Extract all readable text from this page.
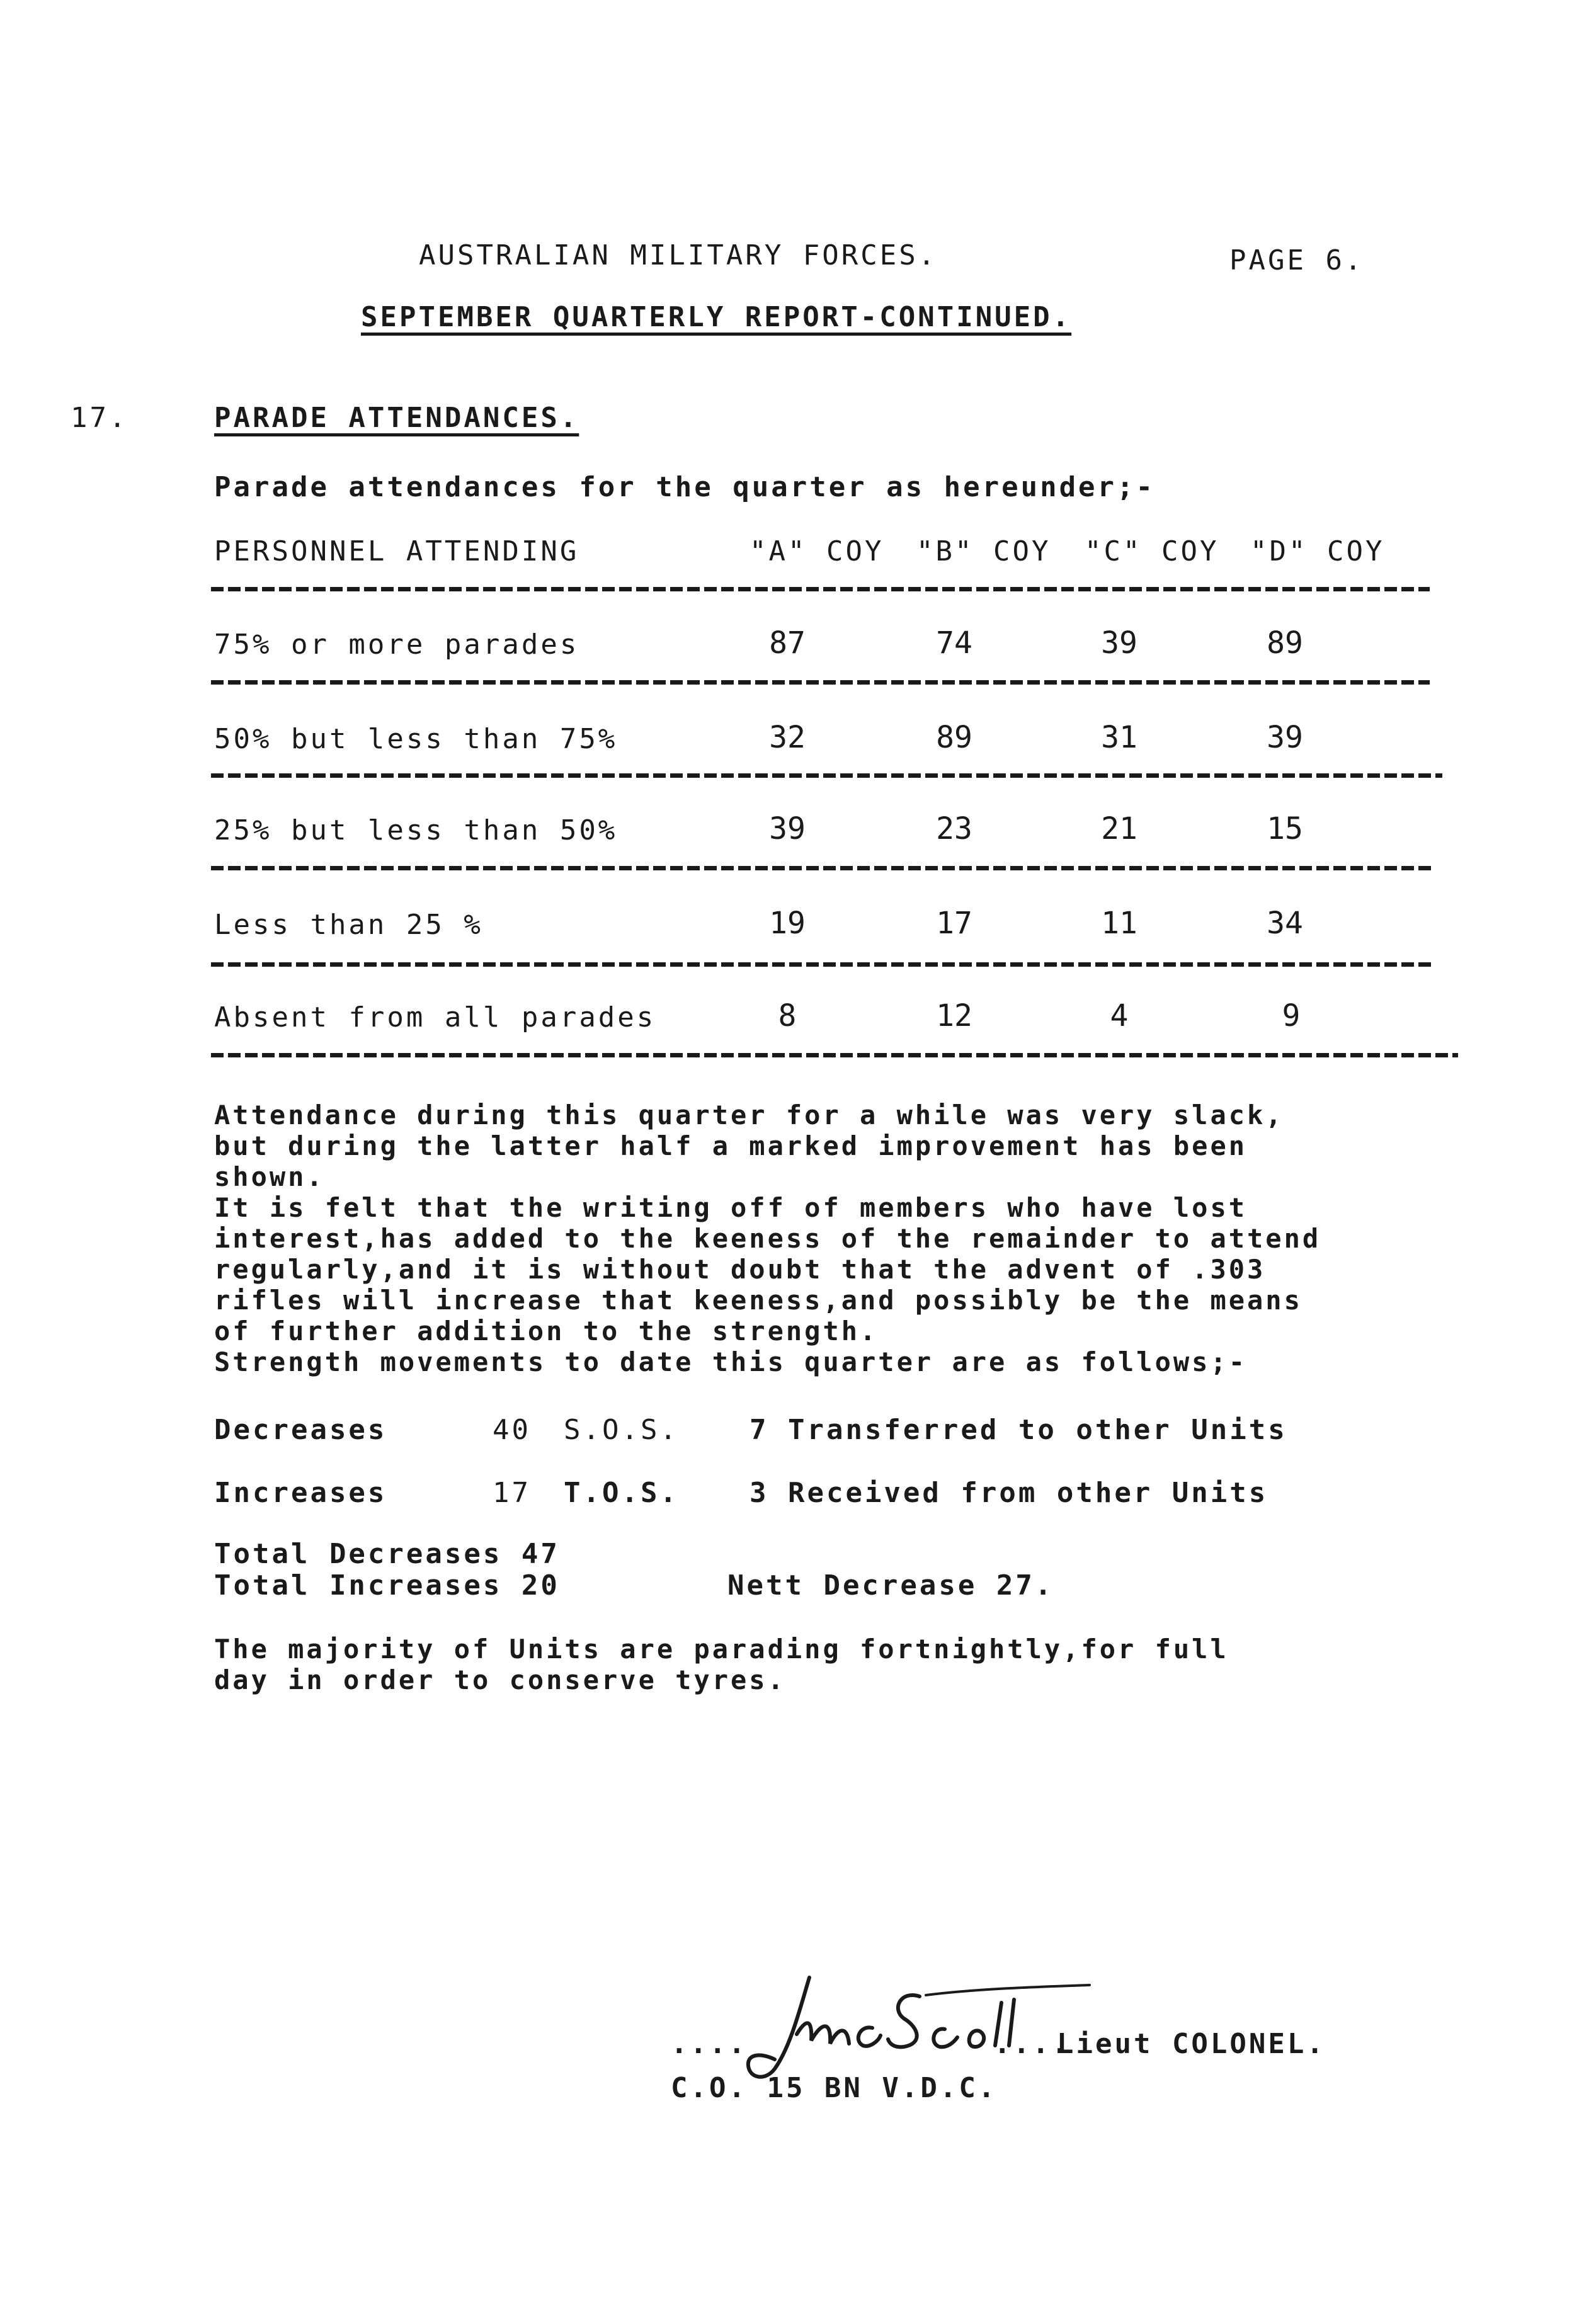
AUSTRALIAN MILITARY FORCES.	PAGE 6.
SEPTEMBER QUARTERLY REPORT-CONTINUED.
17.	PARADE ATTENDANCES.
Parade attendances for the quarter as hereunder;-
PERSONNEL ATTENDING	"A" COY "B" COY "C" COY "D" COY
75% or more parades	87	74	39	89
50% but less than 75%	32	89	31	39
25% but less than 50%	39	23	21	15
Less than 25 %	19	17	11	34
Absent from all parades	8	12	4	9
Attendance during this quarter for a while was very slack,
but during the latter half a marked improvement has been
shown.
It is felt that the writing off of members who have lost
interest,has added to the keeness of the remainder to attend
regularly,and it is without doubt that the advent of .303
rifles will increase that keeness,and possibly be the means
of further addition to the strength.
Strength movements to date this quarter are as follows;-
Decreases	40 S.O.S.	7 Transferred to other Units
Increases	17 T.O.S.	3 Received from other Units
Total Decreases 47
Total Increases 20	Nett Decrease 27.
The majority of Units are parading fortnightly,for full
day in order to conserve tyres.
....	....
Lieut COLONEL.
C.O. 15 BN V.D.C.
